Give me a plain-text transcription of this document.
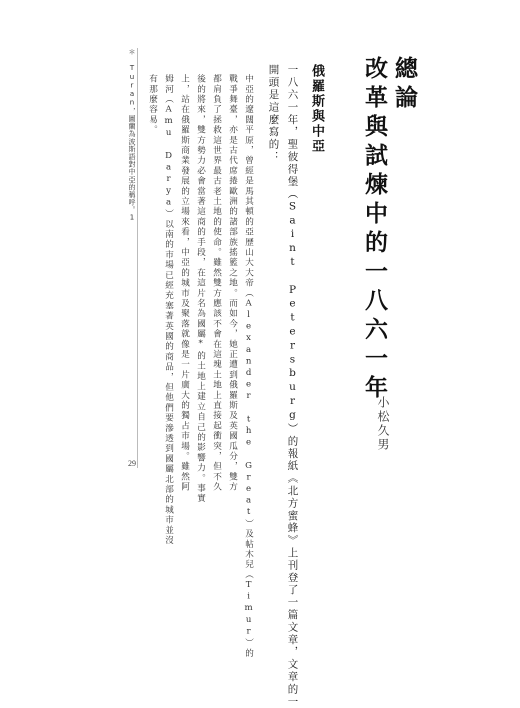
總論
改革與試煉中的一八六一年
小松久男
俄羅斯與中亞
一八六一年，聖彼得堡（Saint Petersburg）的報紙《北方蜜蜂》上刊登了一篇文章，文章的一
開頭是這麼寫的：
中亞的遼闊平原，曾經是馬其頓的亞歷山大大帝（Alexander the Great）及帖木兒（Timur）的
戰爭舞臺，亦是古代席捲歐洲的諸部族搖籃之地。而如今，她正遭到俄羅斯及英國瓜分，雙方
都肩負了拯救這世界最古老土地的使命。雖然雙方應該不會在這塊土地上直接起衝突，但不久
後的將來，雙方勢力必會當著這商的手段，在這片名為國屬*的土地上建立自己的影響力。事實
上，站在俄羅斯商業發展的立場來看，中亞的城市及聚落就像是一片廣大的獨占市場。雖然阿
姆河（Amu Darya）以南的市場已經充塞著英國的商品，但他們要滲透到國屬北部的城市並沒
有那麼容易。
＊ Turan，圖蘭為波斯語對中亞的稱呼。1
29
